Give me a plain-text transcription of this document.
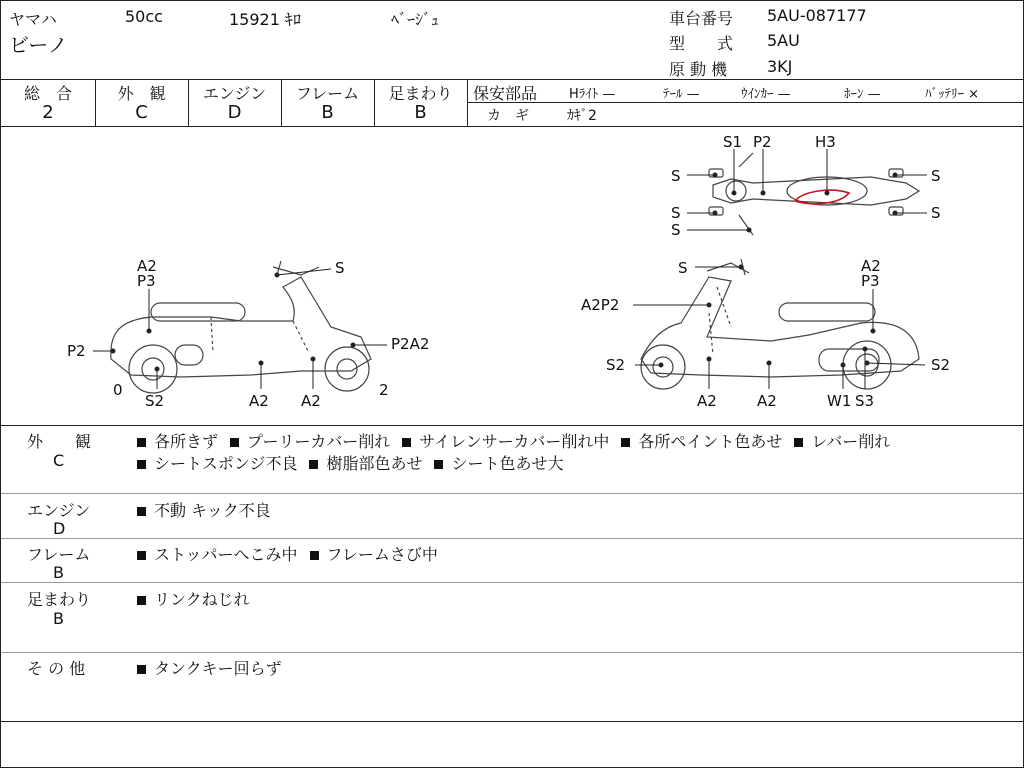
ヤマハ	50cc	15921 ｷﾛ	ﾍﾞｰｼﾞｭ
ビーノ
車台番号 5AU-087177
型　　式 5AU
原 動 機 3KJ
総　合
2
外　観
C
エンジン
D
フレーム
B
足まわり
B
保安部品 Hﾗｲﾄ —	ﾃｰﾙ —	ｳｲﾝｶｰ —	ﾎｰﾝ —	ﾊﾞｯﾃﾘｰ ×
カ　ギ	ｶｷﾞ2
S1 P2	H3
S
S
S
S
S
A2
P3
S
P2	P2A2
0	2
S2	A2 A2
S	A2
P3
A2P2
S2	S2
A2	A2	W1 S3
外　　観
C
各所きず プーリーカバー削れ サイレンサーカバー削れ中 各所ペイント色あせ レバー削れ
シートスポンジ不良 樹脂部色あせ シート色あせ大
エンジン
D
不動 キック不良
フレーム
B
ストッパーへこみ中 フレームさび中
足まわり
B
リンクねじれ
そ の 他	タンクキー回らず
